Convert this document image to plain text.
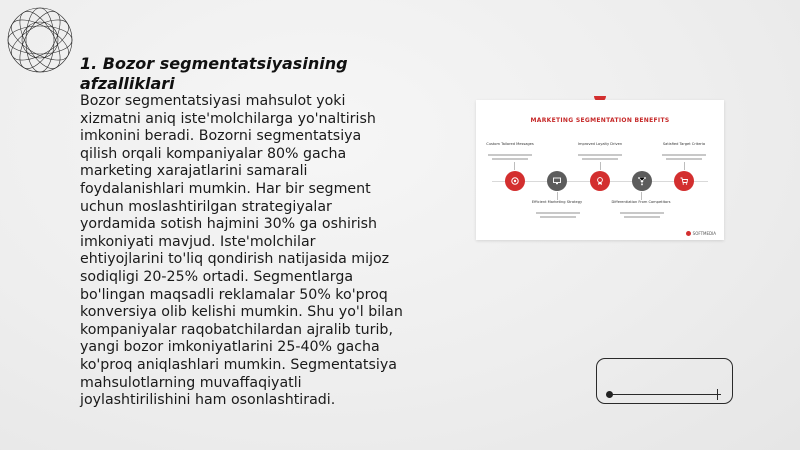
1. Bozor segmentatsiyasining afzalliklari
Bozor segmentatsiyasi mahsulot yoki
xizmatni aniq iste'molchilarga yo'naltirish
imkonini beradi. Bozorni segmentatsiya
qilish orqali kompaniyalar 80% gacha
marketing xarajatlarini samarali
foydalanishlari mumkin. Har bir segment
uchun moslashtirilgan strategiyalar
yordamida sotish hajmini 30% ga oshirish
imkoniyati mavjud. Iste'molchilar
ehtiyojlarini to'liq qondirish natijasida mijoz
sodiqligi 20-25% ortadi. Segmentlarga
bo'lingan maqsadli reklamalar 50% ko'proq
konversiya olib kelishi mumkin. Shu yo'l bilan
kompaniyalar raqobatchilardan ajralib turib,
yangi bozor imkoniyatlarini 25-40% gacha
ko'proq aniqlashlari mumkin. Segmentatsiya
mahsulotlarning muvaffaqiyatli
joylashtirilishini ham osonlashtiradi.
MARKETING SEGMENTATION BENEFITS
Custom Tailored Messages	Improved Loyalty Driven	Satisfied Target Criteria
Efficient Marketing Strategy	Differentiation From Competitors
SOFTMEDIA
